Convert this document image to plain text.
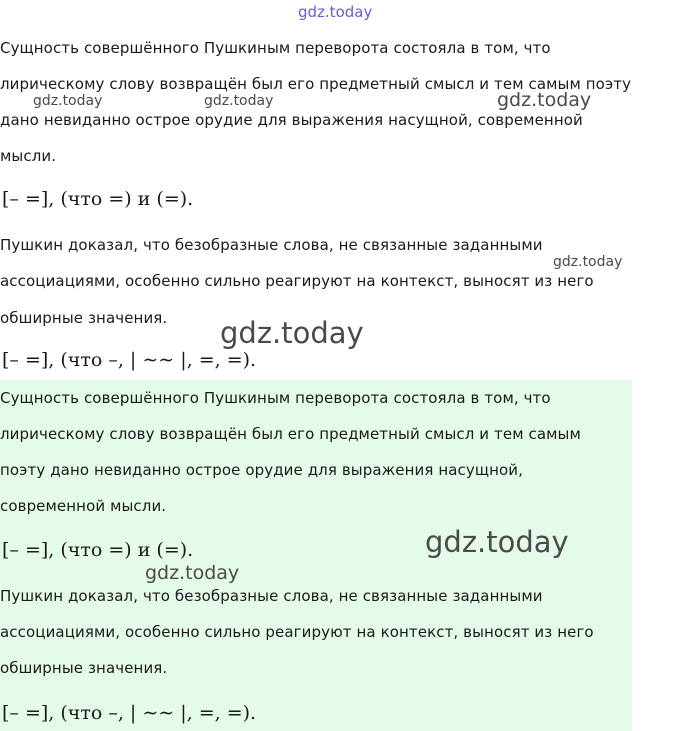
Сущность совершённого Пушкиным переворота состояла в том, что
лирическому слову возвращён был его предметный смысл и тем самым поэту
дано невиданно острое орудие для выражения насущной, современной
мысли.
[– =], (что =) и (=).
Пушкин доказал, что безобразные слова, не связанные заданными
ассоциациями, особенно сильно реагируют на контекст, выносят из него
обширные значения.
[– =], (что –, | ∼∼ |, =, =).
Сущность совершённого Пушкиным переворота состояла в том, что
лирическому слову возвращён был его предметный смысл и тем самым
поэту дано невиданно острое орудие для выражения насущной,
современной мысли.
[– =], (что =) и (=).
Пушкин доказал, что безобразные слова, не связанные заданными
ассоциациями, особенно сильно реагируют на контекст, выносят из него
обширные значения.
[– =], (что –, | ∼∼ |, =, =).
gdz.today
gdz.today	gdz.today	gdz.today
gdz.today
gdz.today
gdz.today
gdz.today
